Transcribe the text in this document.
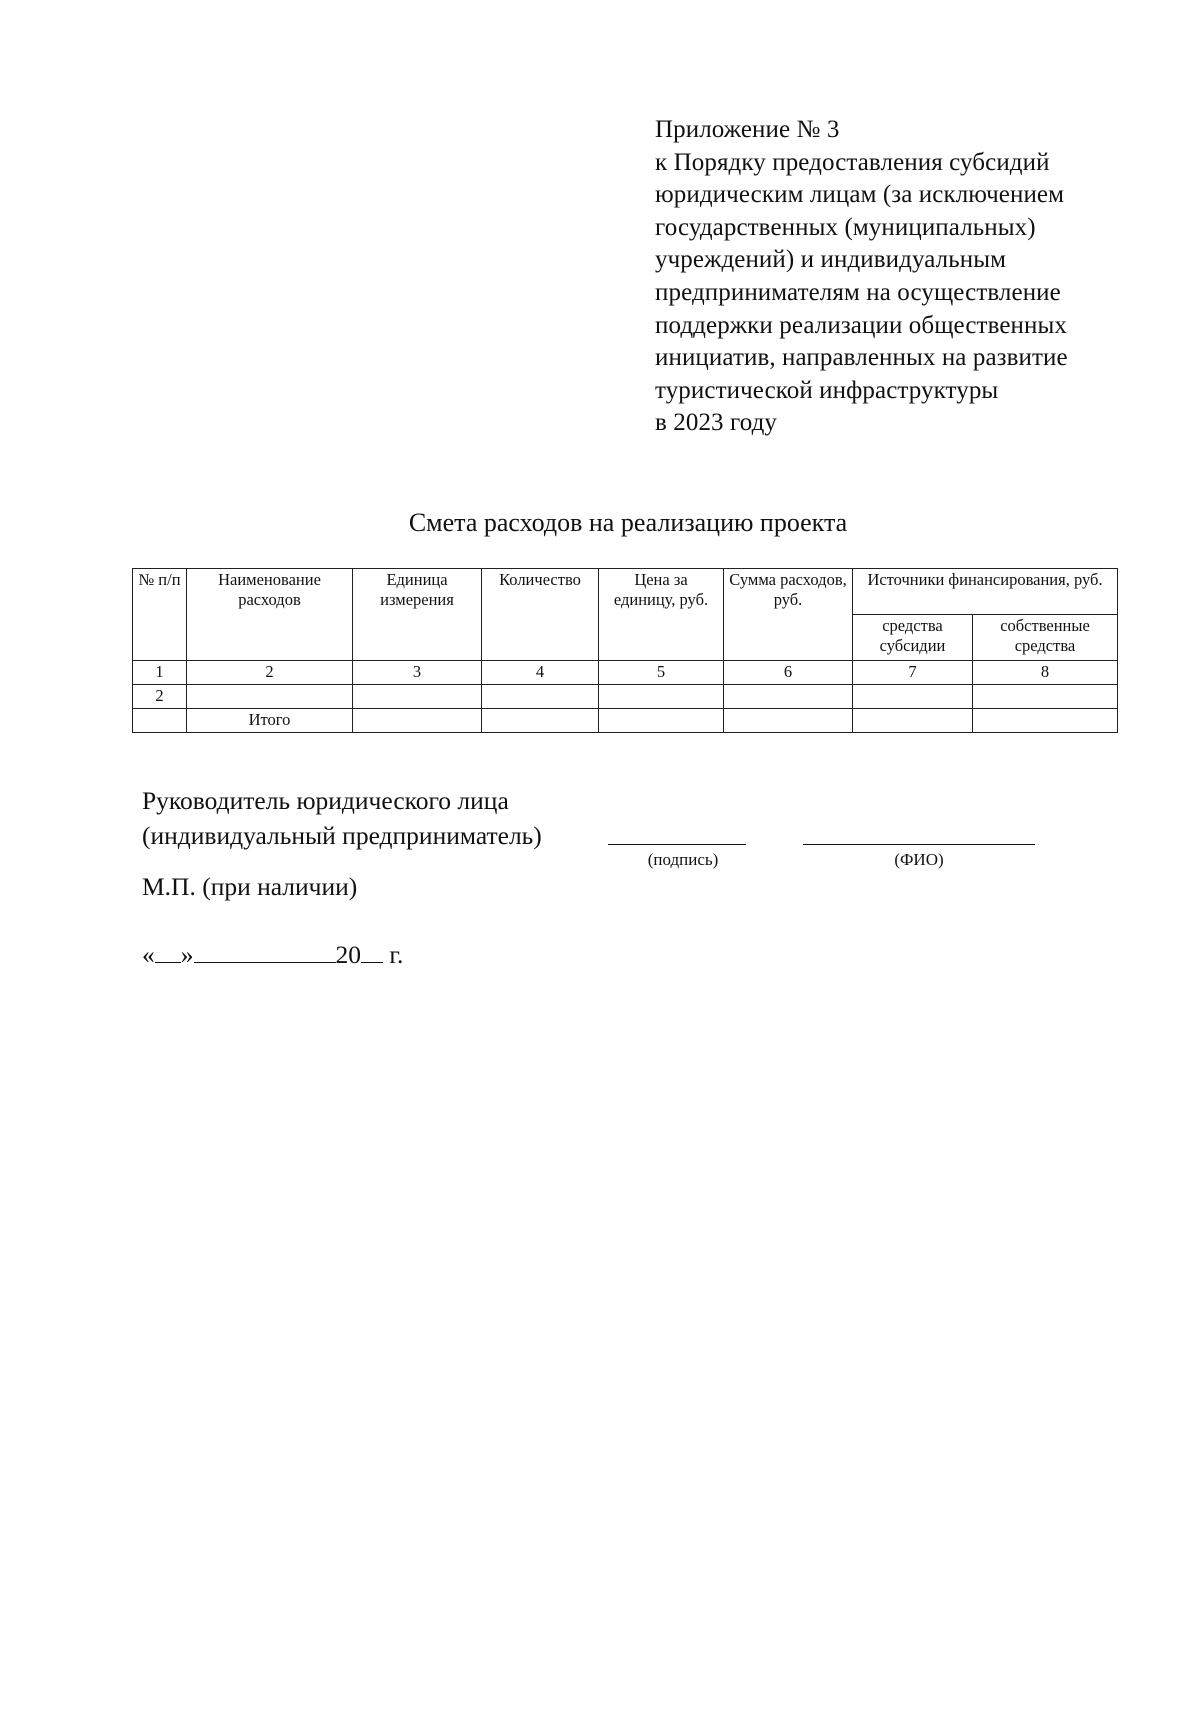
Приложение № 3
к Порядку предоставления субсидий
юридическим лицам (за исключением
государственных (муниципальных)
учреждений) и индивидуальным
предпринимателям на осуществление
поддержки реализации общественных
инициатив, направленных на развитие
туристической инфраструктуры
в 2023 году
Смета расходов на реализацию проекта
№ п/п	Наименование расходов	Единица измерения	Количество	Цена за единицу, руб.	Сумма расходов, руб.	Источники финансирования, руб.	
						средства субсидии	собственные средства
1	2	3	4	5	6	7	8
2							
	Итого						
Руководитель юридического лица
(индивидуальный предприниматель)
(подпись)	(ФИО)
М.П. (при наличии)
« »	20 г.
